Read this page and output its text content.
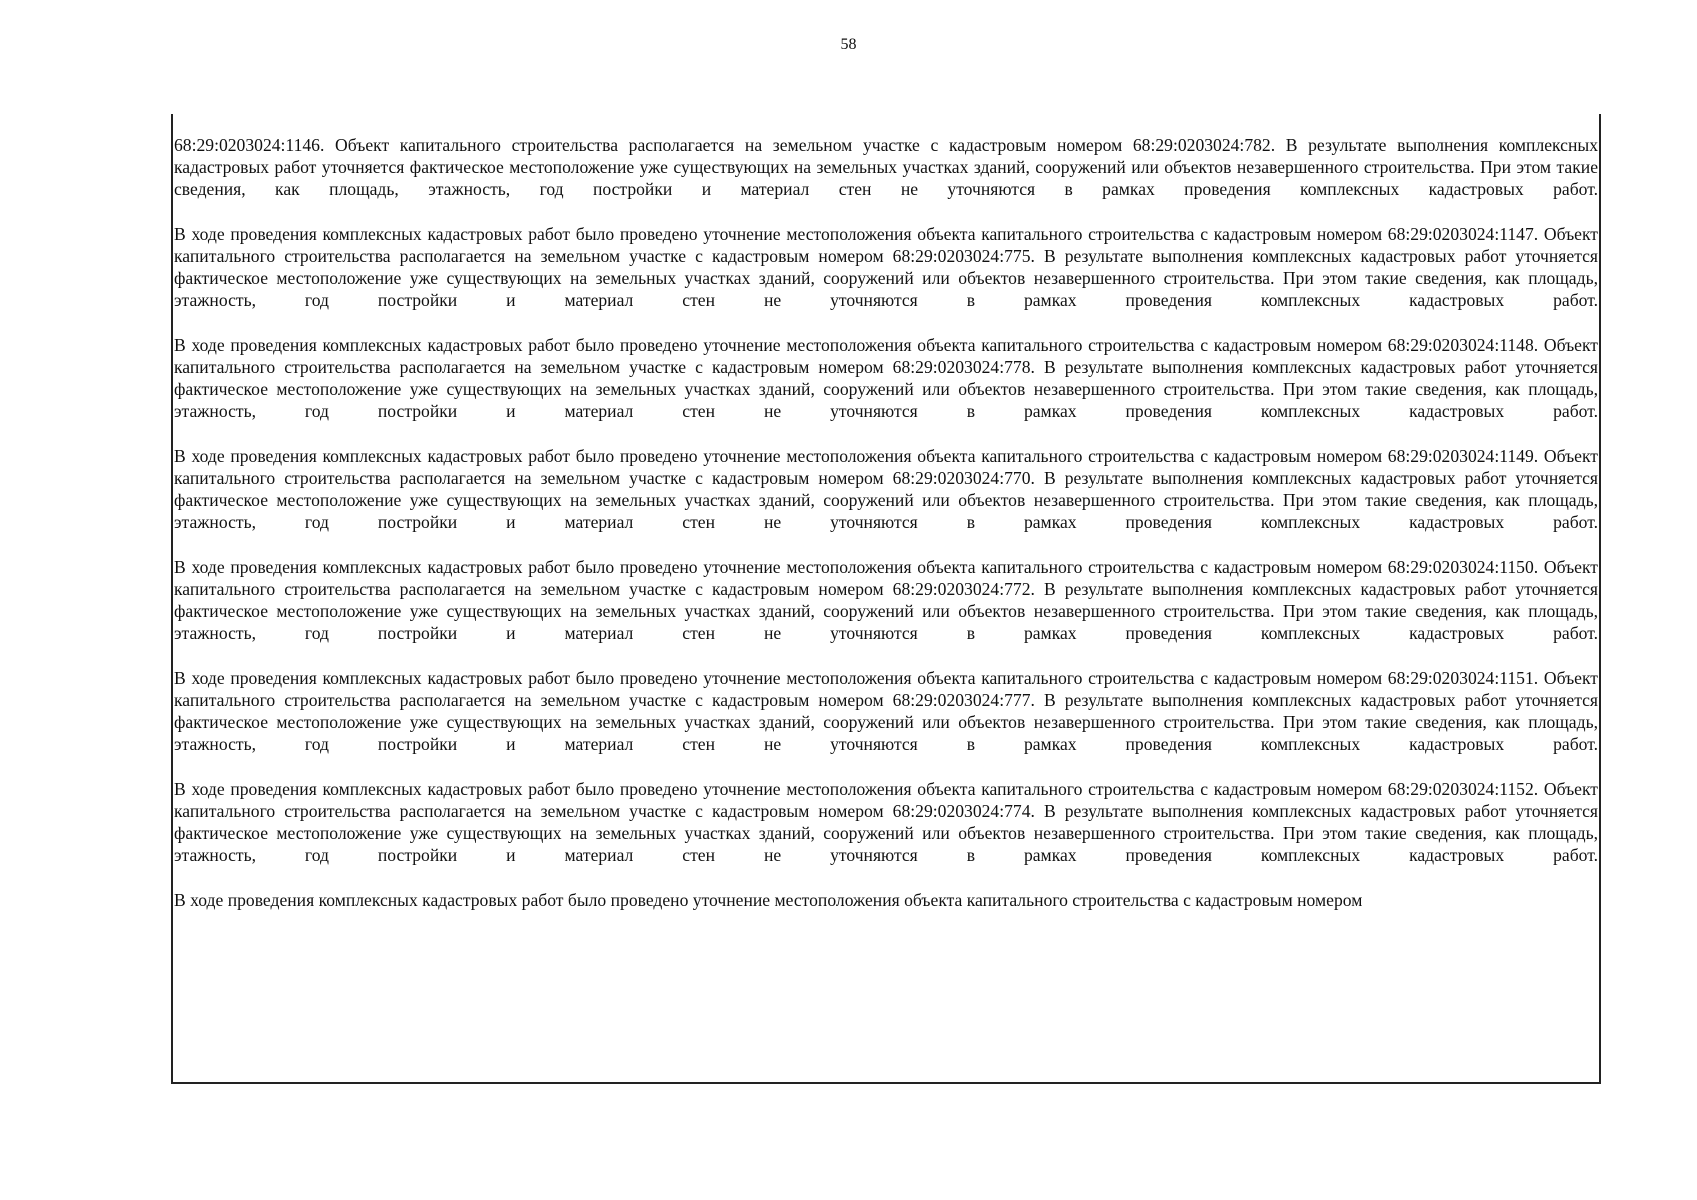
58

68:29:0203024:1146. Объект капитального строительства располагается на земельном участке с кадастровым номером 68:29:0203024:782. В результате выполнения комплексных кадастровых работ уточняется фактическое местоположение уже существующих на земельных участках зданий, сооружений или объектов незавершенного строительства. При этом такие сведения, как площадь, этажность, год постройки и материал стен не уточняются в рамках проведения комплексных кадастровых работ.

В ходе проведения комплексных кадастровых работ было проведено уточнение местоположения объекта капитального строительства с кадастровым номером 68:29:0203024:1147. Объект капитального строительства располагается на земельном участке с кадастровым номером 68:29:0203024:775. В результате выполнения комплексных кадастровых работ уточняется фактическое местоположение уже существующих на земельных участках зданий, сооружений или объектов незавершенного строительства. При этом такие сведения, как площадь, этажность, год постройки и материал стен не уточняются в рамках проведения комплексных кадастровых работ.

В ходе проведения комплексных кадастровых работ было проведено уточнение местоположения объекта капитального строительства с кадастровым номером 68:29:0203024:1148. Объект капитального строительства располагается на земельном участке с кадастровым номером 68:29:0203024:778. В результате выполнения комплексных кадастровых работ уточняется фактическое местоположение уже существующих на земельных участках зданий, сооружений или объектов незавершенного строительства. При этом такие сведения, как площадь, этажность, год постройки и материал стен не уточняются в рамках проведения комплексных кадастровых работ.

В ходе проведения комплексных кадастровых работ было проведено уточнение местоположения объекта капитального строительства с кадастровым номером 68:29:0203024:1149. Объект капитального строительства располагается на земельном участке с кадастровым номером 68:29:0203024:770. В результате выполнения комплексных кадастровых работ уточняется фактическое местоположение уже существующих на земельных участках зданий, сооружений или объектов незавершенного строительства. При этом такие сведения, как площадь, этажность, год постройки и материал стен не уточняются в рамках проведения комплексных кадастровых работ.

В ходе проведения комплексных кадастровых работ было проведено уточнение местоположения объекта капитального строительства с кадастровым номером 68:29:0203024:1150. Объект капитального строительства располагается на земельном участке с кадастровым номером 68:29:0203024:772. В результате выполнения комплексных кадастровых работ уточняется фактическое местоположение уже существующих на земельных участках зданий, сооружений или объектов незавершенного строительства. При этом такие сведения, как площадь, этажность, год постройки и материал стен не уточняются в рамках проведения комплексных кадастровых работ.

В ходе проведения комплексных кадастровых работ было проведено уточнение местоположения объекта капитального строительства с кадастровым номером 68:29:0203024:1151. Объект капитального строительства располагается на земельном участке с кадастровым номером 68:29:0203024:777. В результате выполнения комплексных кадастровых работ уточняется фактическое местоположение уже существующих на земельных участках зданий, сооружений или объектов незавершенного строительства. При этом такие сведения, как площадь, этажность, год постройки и материал стен не уточняются в рамках проведения комплексных кадастровых работ.

В ходе проведения комплексных кадастровых работ было проведено уточнение местоположения объекта капитального строительства с кадастровым номером 68:29:0203024:1152. Объект капитального строительства располагается на земельном участке с кадастровым номером 68:29:0203024:774. В результате выполнения комплексных кадастровых работ уточняется фактическое местоположение уже существующих на земельных участках зданий, сооружений или объектов незавершенного строительства. При этом такие сведения, как площадь, этажность, год постройки и материал стен не уточняются в рамках проведения комплексных кадастровых работ.

В ходе проведения комплексных кадастровых работ было проведено уточнение местоположения объекта капитального строительства с кадастровым номером
